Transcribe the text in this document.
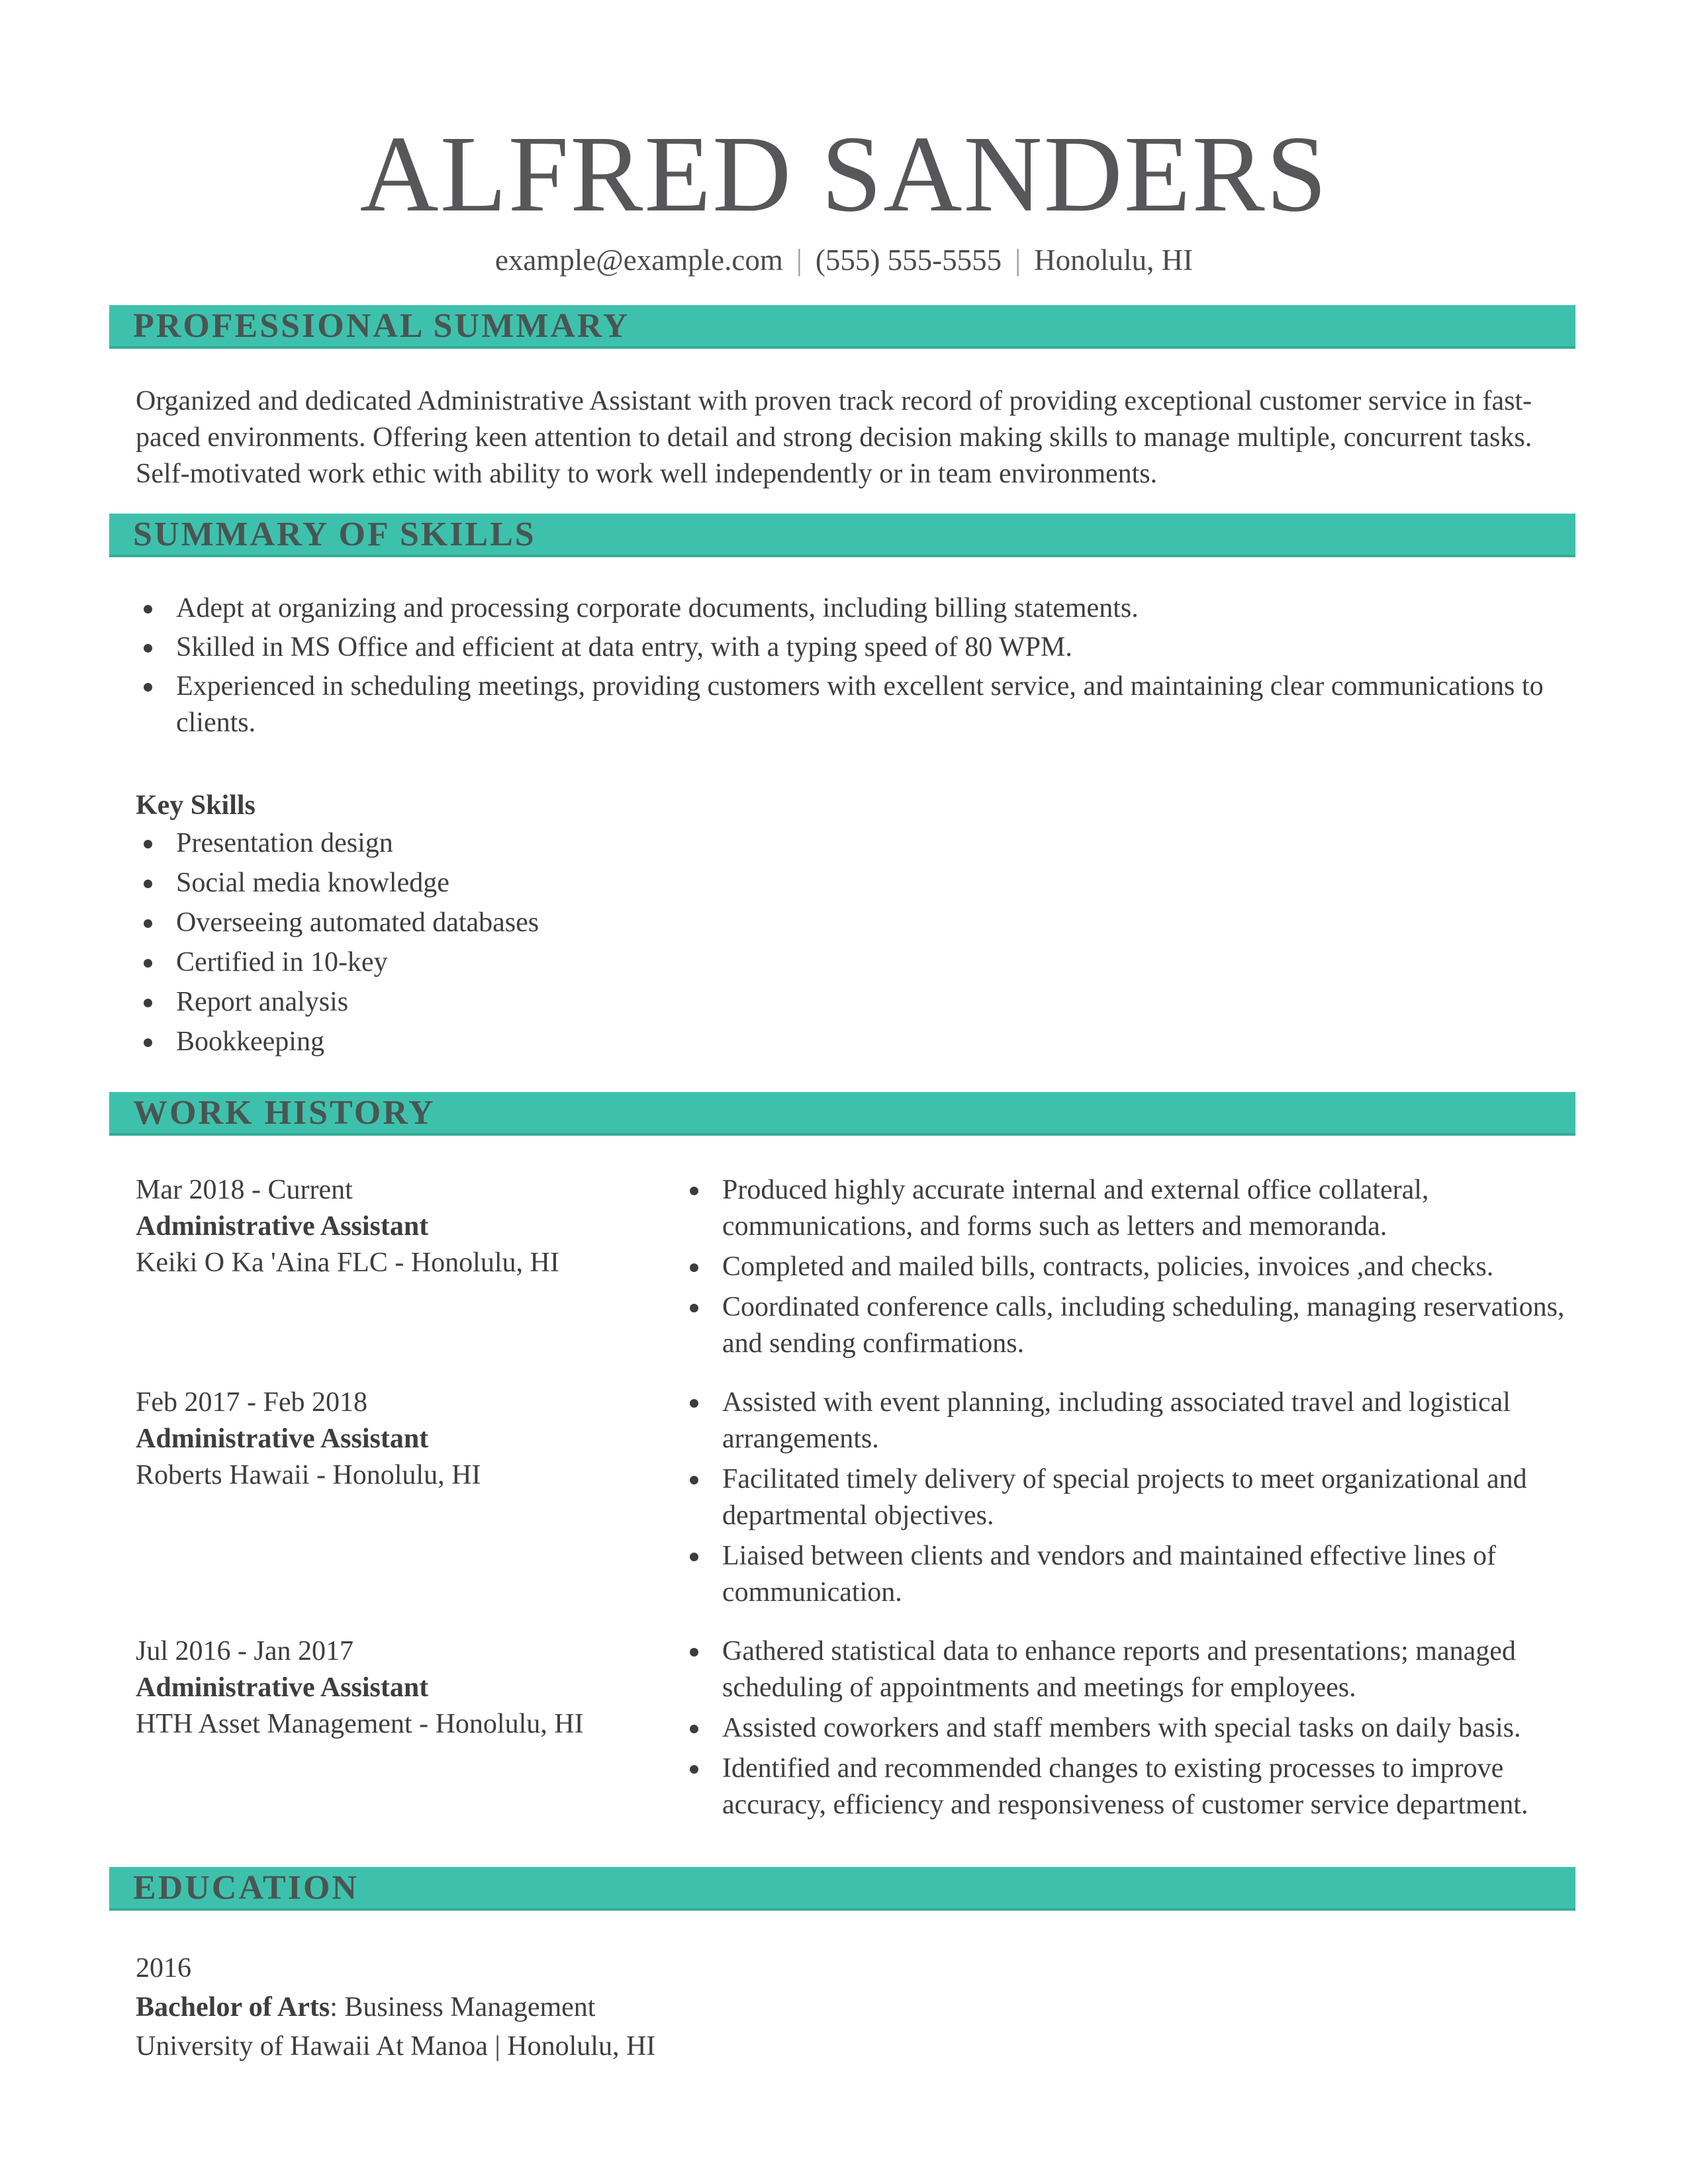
ALFRED SANDERS
example@example.com | (555) 555-5555 | Honolulu, HI
PROFESSIONAL SUMMARY
Organized and dedicated Administrative Assistant with proven track record of providing exceptional customer service in fast-paced environments. Offering keen attention to detail and strong decision making skills to manage multiple, concurrent tasks. Self-motivated work ethic with ability to work well independently or in team environments.
SUMMARY OF SKILLS
Adept at organizing and processing corporate documents, including billing statements.
Skilled in MS Office and efficient at data entry, with a typing speed of 80 WPM.
Experienced in scheduling meetings, providing customers with excellent service, and maintaining clear communications to clients.
Key Skills
Presentation design
Social media knowledge
Overseeing automated databases
Certified in 10-key
Report analysis
Bookkeeping
WORK HISTORY
Mar 2018 - Current
Administrative Assistant
Keiki O Ka 'Aina FLC - Honolulu, HI
Produced highly accurate internal and external office collateral, communications, and forms such as letters and memoranda.
Completed and mailed bills, contracts, policies, invoices ,and checks.
Coordinated conference calls, including scheduling, managing reservations, and sending confirmations.
Feb 2017 - Feb 2018
Administrative Assistant
Roberts Hawaii - Honolulu, HI
Assisted with event planning, including associated travel and logistical arrangements.
Facilitated timely delivery of special projects to meet organizational and departmental objectives.
Liaised between clients and vendors and maintained effective lines of communication.
Jul 2016 - Jan 2017
Administrative Assistant
HTH Asset Management - Honolulu, HI
Gathered statistical data to enhance reports and presentations; managed scheduling of appointments and meetings for employees.
Assisted coworkers and staff members with special tasks on daily basis.
Identified and recommended changes to existing processes to improve accuracy, efficiency and responsiveness of customer service department.
EDUCATION
2016
Bachelor of Arts: Business Management
University of Hawaii At Manoa | Honolulu, HI
